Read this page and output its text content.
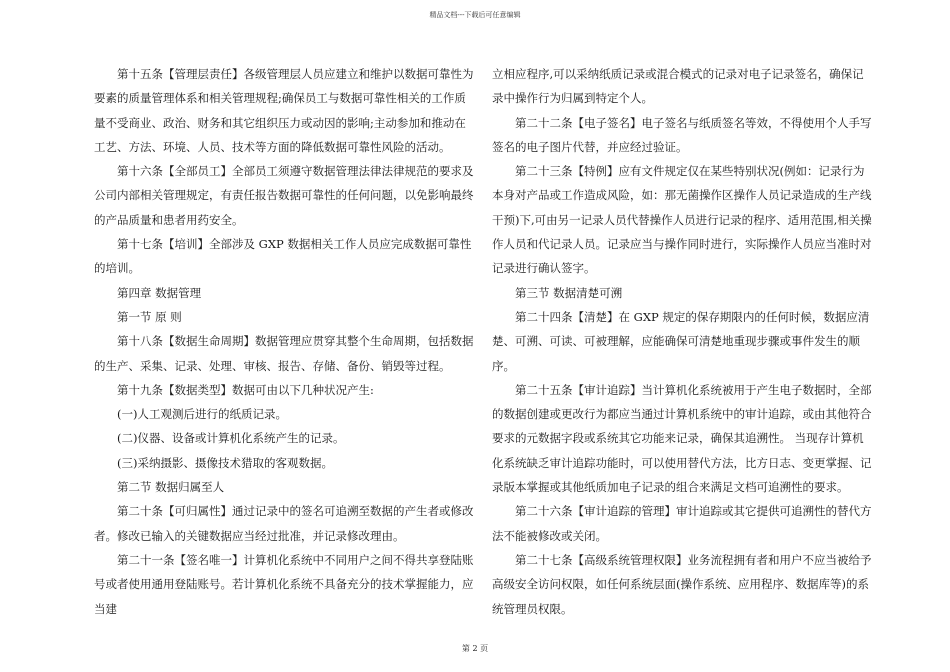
精品文档---下载后可任意编辑

第十五条【管理层责任】各级管理层人员应建立和维护以数据可靠性为要素的质量管理体系和相关管理规程;确保员工与数据可靠性相关的工作质量不受商业、政治、财务和其它组织压力或动因的影响;主动参加和推动在工艺、方法、环境、人员、技术等方面的降低数据可靠性风险的活动。

第十六条【全部员工】全部员工须遵守数据管理法律法律规范的要求及公司内部相关管理规定，有责任报告数据可靠性的任何问题，以免影响最终的产品质量和患者用药安全。

第十七条【培训】全部涉及 GXP 数据相关工作人员应完成数据可靠性的培训。

第四章 数据管理

第一节 原 则

第十八条【数据生命周期】数据管理应贯穿其整个生命周期，包括数据的生产、采集、记录、处理、审核、报告、存储、备份、销毁等过程。

第十九条【数据类型】数据可由以下几种状况产生:

(一)人工观测后进行的纸质记录。

(二)仪器、设备或计算机化系统产生的记录。

(三)采纳摄影、摄像技术猎取的客观数据。

第二节 数据归属至人

第二十条【可归属性】通过记录中的签名可追溯至数据的产生者或修改者。修改已输入的关键数据应当经过批准，并记录修改理由。

第二十一条【签名唯一】计算机化系统中不同用户之间不得共享登陆账号或者使用通用登陆账号。若计算机化系统不具备充分的技术掌握能力，应当建

立相应程序,可以采纳纸质记录或混合模式的记录对电子记录签名，确保记录中操作行为归属到特定个人。

第二十二条【电子签名】电子签名与纸质签名等效，不得使用个人手写签名的电子图片代替，并应经过验证。

第二十三条【特例】应有文件规定仅在某些特别状况(例如：记录行为本身对产品或工作造成风险，如：那无菌操作区操作人员记录造成的生产线干预)下,可由另一记录人员代替操作人员进行记录的程序、适用范围,相关操作人员和代记录人员。记录应当与操作同时进行，实际操作人员应当准时对记录进行确认签字。

第三节 数据清楚可溯

第二十四条【清楚】在 GXP 规定的保存期限内的任何时候，数据应清楚、可溯、可读、可被理解，应能确保可清楚地重现步骤或事件发生的顺序。

第二十五条【审计追踪】当计算机化系统被用于产生电子数据时，全部的数据创建或更改行为都应当通过计算机系统中的审计追踪，或由其他符合要求的元数据字段或系统其它功能来记录，确保其追溯性。 当现存计算机化系统缺乏审计追踪功能时，可以使用替代方法，比方日志、变更掌握、记录版本掌握或其他纸质加电子记录的组合来满足文档可追溯性的要求。

第二十六条【审计追踪的管理】审计追踪或其它提供可追溯性的替代方法不能被修改或关闭。

第二十七条【高级系统管理权限】业务流程拥有者和用户不应当被给予高级安全访问权限，如任何系统层面(操作系统、应用程序、数据库等)的系统管理员权限。

第 2 页
